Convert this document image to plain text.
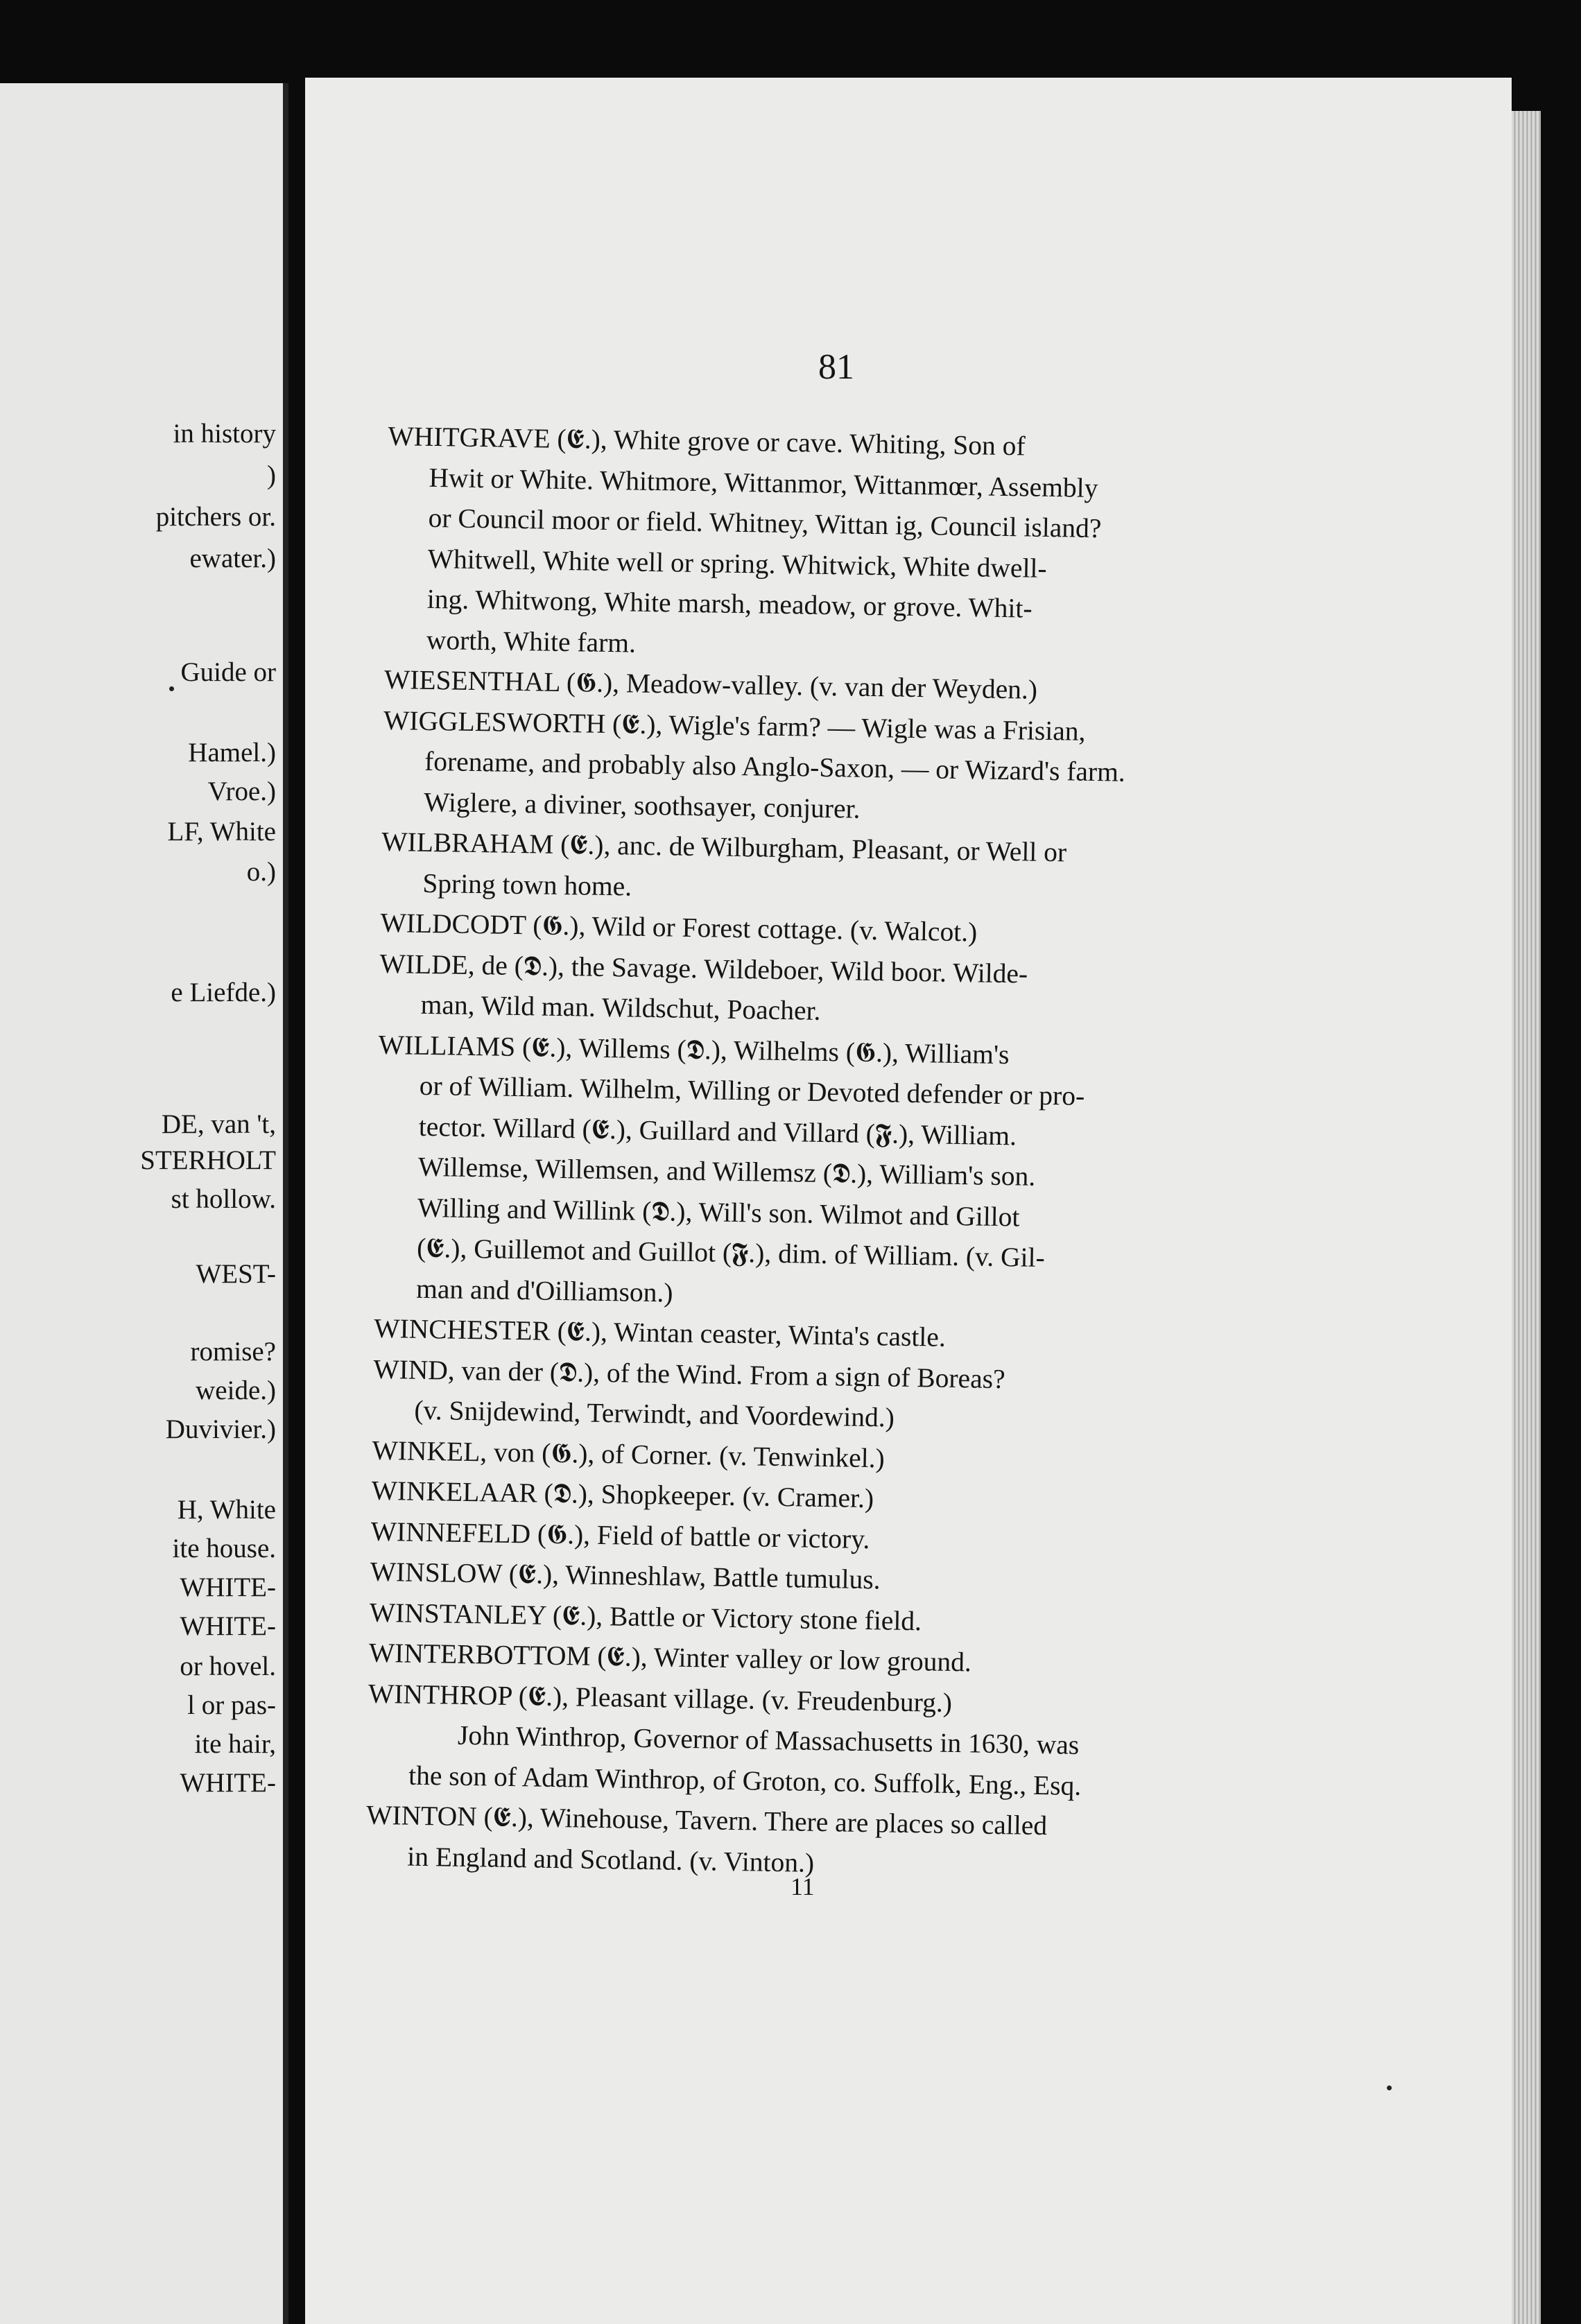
in history
)
pitchers or.
ewater.)
Guide or
Hamel.)
Vroe.)
LF, White
o.)
e Liefde.)
DE, van 't,
STERHOLT
st hollow.
WEST-
romise?
weide.)
Duvivier.)
H, White
ite house.
WHITE-
WHITE-
or hovel.
l or pas-
ite hair,
WHITE-
81
WHITGRAVE (𝕰.), White grove or cave. Whiting, Son of
Hwit or White. Whitmore, Wittanmor, Wittanmœr, Assembly
or Council moor or field. Whitney, Wittan ig, Council island?
Whitwell, White well or spring. Whitwick, White dwell-
ing. Whitwong, White marsh, meadow, or grove. Whit-
worth, White farm.
WIESENTHAL (𝕲.), Meadow-valley. (v. van der Weyden.)
WIGGLESWORTH (𝕰.), Wigle's farm? — Wigle was a Frisian,
forename, and probably also Anglo-Saxon, — or Wizard's farm.
Wiglere, a diviner, soothsayer, conjurer.
WILBRAHAM (𝕰.), anc. de Wilburgham, Pleasant, or Well or
Spring town home.
WILDCODT (𝕲.), Wild or Forest cottage. (v. Walcot.)
WILDE, de (𝕯.), the Savage. Wildeboer, Wild boor. Wilde-
man, Wild man. Wildschut, Poacher.
WILLIAMS (𝕰.), Willems (𝕯.), Wilhelms (𝕲.), William's
or of William. Wilhelm, Willing or Devoted defender or pro-
tector. Willard (𝕰.), Guillard and Villard (𝕱.), William.
Willemse, Willemsen, and Willemsz (𝕯.), William's son.
Willing and Willink (𝕯.), Will's son. Wilmot and Gillot
(𝕰.), Guillemot and Guillot (𝕱.), dim. of William. (v. Gil-
man and d'Oilliamson.)
WINCHESTER (𝕰.), Wintan ceaster, Winta's castle.
WIND, van der (𝕯.), of the Wind. From a sign of Boreas?
(v. Snijdewind, Terwindt, and Voordewind.)
WINKEL, von (𝕲.), of Corner. (v. Tenwinkel.)
WINKELAAR (𝕯.), Shopkeeper. (v. Cramer.)
WINNEFELD (𝕲.), Field of battle or victory.
WINSLOW (𝕰.), Winneshlaw, Battle tumulus.
WINSTANLEY (𝕰.), Battle or Victory stone field.
WINTERBOTTOM (𝕰.), Winter valley or low ground.
WINTHROP (𝕰.), Pleasant village. (v. Freudenburg.)
John Winthrop, Governor of Massachusetts in 1630, was
the son of Adam Winthrop, of Groton, co. Suffolk, Eng., Esq.
WINTON (𝕰.), Winehouse, Tavern. There are places so called
in England and Scotland. (v. Vinton.)
11
